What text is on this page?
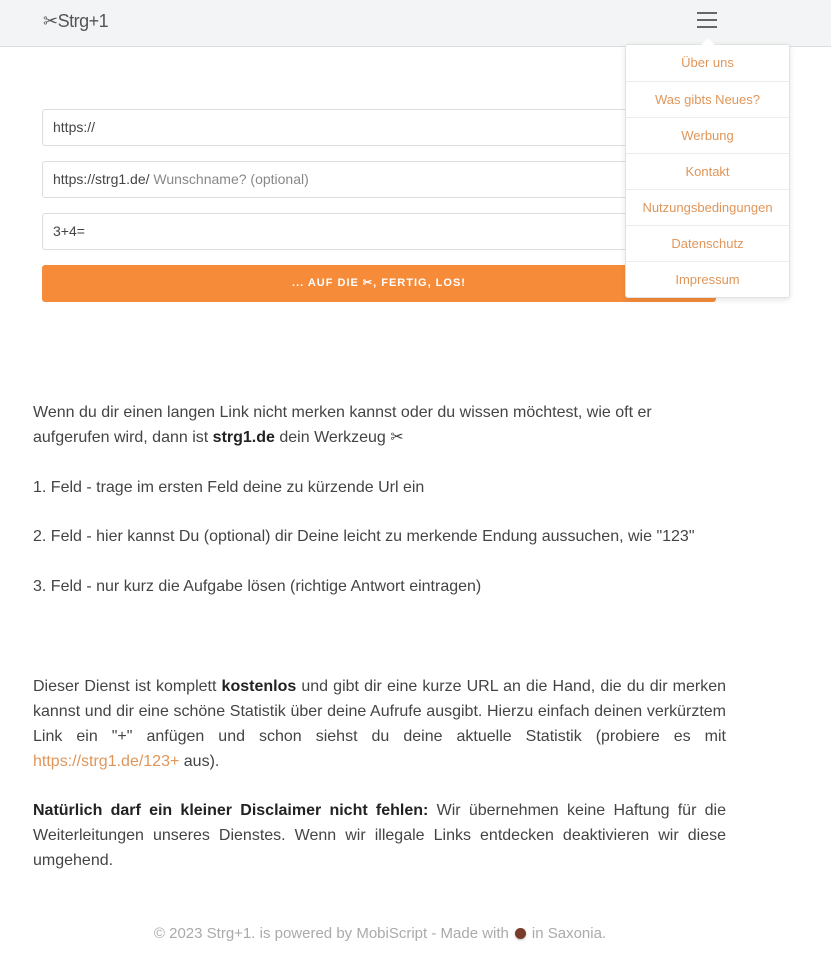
✂Strg+1
Über uns
Was gibts Neues?
Werbung
Kontakt
Nutzungsbedingungen
Datenschutz
Impressum
https://
https://strg1.de/ Wunschname? (optional)
3+4=
... AUF DIE ✂, FERTIG, LOS!
Wenn du dir einen langen Link nicht merken kannst oder du wissen möchtest, wie oft er aufgerufen wird, dann ist strg1.de dein Werkzeug ✂
1. Feld - trage im ersten Feld deine zu kürzende Url ein
2. Feld - hier kannst Du (optional) dir Deine leicht zu merkende Endung aussuchen, wie "123"
3. Feld - nur kurz die Aufgabe lösen (richtige Antwort eintragen)
Dieser Dienst ist komplett kostenlos und gibt dir eine kurze URL an die Hand, die du dir merken kannst und dir eine schöne Statistik über deine Aufrufe ausgibt. Hierzu einfach deinen verkürztem Link ein "+" anfügen und schon siehst du deine aktuelle Statistik (probiere es mit https://strg1.de/123+ aus).
Natürlich darf ein kleiner Disclaimer nicht fehlen: Wir übernehmen keine Haftung für die Weiterleitungen unseres Dienstes. Wenn wir illegale Links entdecken deaktivieren wir diese umgehend.
© 2023 Strg+1. is powered by MobiScript - Made with in Saxonia.
